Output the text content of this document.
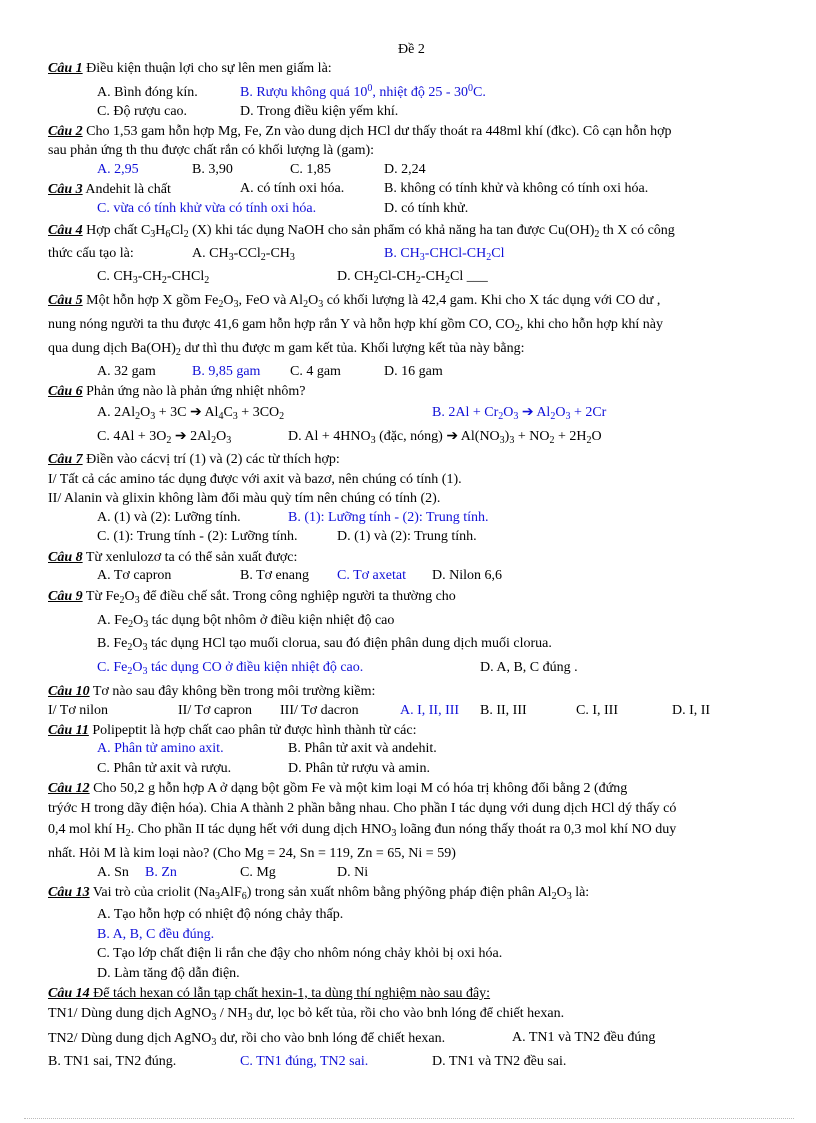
Đề 2
Câu 1 Điều kiện thuận lợi cho sự lên men giấm là:
A. Bình đóng kín.	B. Rượu không quá $10^0$, nhiệt độ $25 - 30^0C$.
C. Độ rượu cao.	D. Trong điều kiện yếm khí.
Câu 2 Cho 1,53 gam hỗn hợp Mg, Fe, Zn vào dung dịch HCl dư thấy thoát ra 448ml khí (đkc). Cô cạn hỗn hợp
sau phản ứng th thu được chất rắn có khối lượng là (gam):
A. 2,95	B. 3,90	C. 1,85	D. 2,24
Câu 3 Andehit là chất	A. có tính oxi hóa.	B. không có tính khử và không có tính oxi hóa.
C. vừa có tính khử vừa có tính oxi hóa.	D. có tính khử.
Câu 4 Hợp chất $C_3H_6Cl_2$ (X) khi tác dụng NaOH cho sản phẩm có khả năng ha tan được $Cu(OH)_2$ th X có công
thức cấu tạo là:	A. $CH_3-CCl_2-CH_3$	B. $CH_3-CHCl-CH_2Cl$
C. $CH_3-CH_2-CHCl_2$	D. $CH_2Cl-CH_2-CH_2Cl$ ___
Câu 5 Một hỗn hợp X gồm $Fe_2O_3$, FeO và $Al_2O_3$ có khối lượng là 42,4 gam. Khi cho X tác dụng với CO dư ,
nung nóng người ta thu được 41,6 gam hỗn hợp rắn Y và hỗn hợp khí gồm CO, $CO_2$, khi cho hỗn hợp khí này
qua dung dịch $Ba(OH)_2$ dư thì thu được m gam kết tủa. Khối lượng kết tủa này bằng:
A. 32 gam	B. 9,85 gam C. 4 gam	D. 16 gam
Câu 6 Phản ứng nào là phản ứng nhiệt nhôm?
A. $2Al_2O_3 + 3C$ ➔ $Al_4C_3 + 3CO_2$	B. $2Al + Cr_2O_3$ ➔ $Al_2O_3 + 2Cr$
C. $4Al + 3O_2$ ➔ $2Al_2O_3$	D. $Al + 4HNO_3$ (đặc, nóng) ➔ $Al(NO_3)_3 + NO_2 + 2H_2O$
Câu 7 Điền vào cácvị trí (1) và (2) các từ thích hợp:
I/ Tất cả các amino tác dụng được với axit và bazơ, nên chúng có tính (1).
II/ Alanin và glixin không làm đổi màu quỳ tím nên chúng có tính (2).
A. (1) và (2): Lưỡng tính.	B. (1): Lưỡng tính - (2): Trung tính.
C. (1): Trung tính - (2): Lưỡng tính.	D. (1) và (2): Trung tính.
Câu 8 Từ xenlulozơ ta có thể sản xuất được:
A. Tơ capron	B. Tơ enang C. Tơ axetat D. Nilon 6,6
Câu 9 Từ $Fe_2O_3$ để điều chế sắt. Trong công nghiệp người ta thường cho
A. $Fe_2O_3$ tác dụng bột nhôm ở điều kiện nhiệt độ cao
B. $Fe_2O_3$ tác dụng HCl tạo muối clorua, sau đó điện phân dung dịch muối clorua.
C. $Fe_2O_3$ tác dụng CO ở điều kiện nhiệt độ cao.	D. A, B, C đúng .
Câu 10 Tơ nào sau đây không bền trong môi trường kiềm:
I/ Tơ nilon	II/ Tơ capron III/ Tơ dacron	A. I, II, III B. II, III	C. I, III	D. I, II
Câu 11 Polipeptit là hợp chất cao phân tử được hình thành từ các:
A. Phân tử amino axit.	B. Phân tử axit và andehit.
C. Phân tử axit và rượu.	D. Phân tử rượu và amin.
Câu 12 Cho 50,2 g hỗn hợp A ở dạng bột gồm Fe và một kim loại M có hóa trị không đổi bằng 2 (đứng
trýớc H trong dãy điện hóa). Chia A thành 2 phần bằng nhau. Cho phần I tác dụng với dung dịch HCl dý thấy có
0,4 mol khí $H_2$. Cho phần II tác dụng hết với dung dịch $HNO_3$ loãng đun nóng thấy thoát ra 0,3 mol khí NO duy
nhất. Hỏi M là kim loại nào? (Cho Mg = 24, Sn = 119, Zn = 65, Ni = 59)
A. Sn B. Zn	C. Mg	D. Ni
Câu 13 Vai trò của criolit $(Na_3AlF_6)$ trong sản xuất nhôm bằng phýõng pháp điện phân $Al_2O_3$ là:
A. Tạo hỗn hợp có nhiệt độ nóng chảy thấp.
B. A, B, C đều đúng.
C. Tạo lớp chất điện li rắn che đậy cho nhôm nóng chảy khỏi bị oxi hóa.
D. Làm tăng độ dẫn điện.
Câu 14 Để tách hexan có lẫn tạp chất hexin-1, ta dùng thí nghiệm nào sau đây:
TN1/ Dùng dung dịch AgNO$_3$ / $NH_3$ dư, lọc bỏ kết tủa, rồi cho vào bnh lóng để chiết hexan.
TN2/ Dùng dung dịch AgNO$_3$ dư, rồi cho vào bnh lóng để chiết hexan.	A. TN1 và TN2 đều đúng
B. TN1 sai, TN2 đúng.	C. TN1 đúng, TN2 sai.	D. TN1 và TN2 đều sai.
